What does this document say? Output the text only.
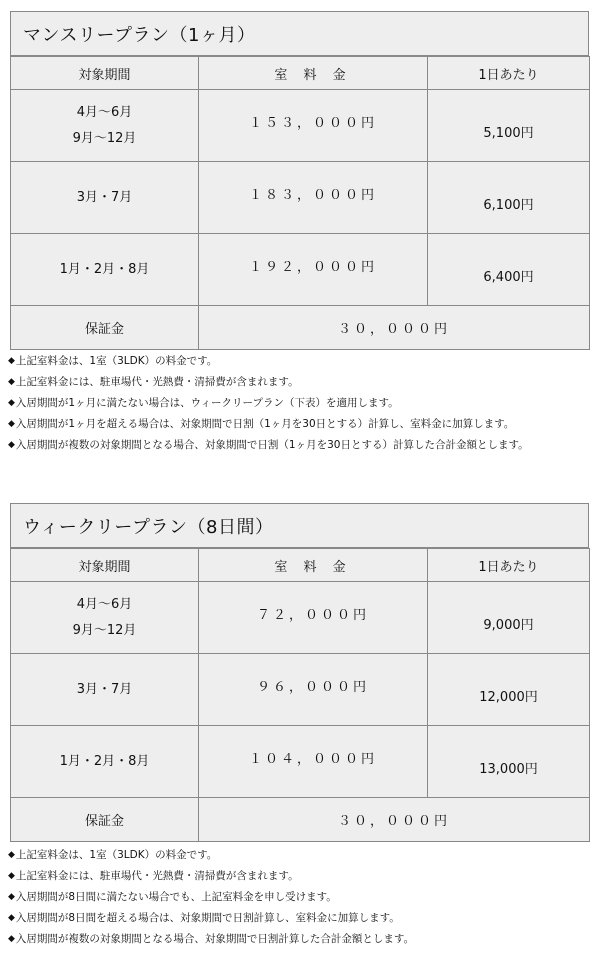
マンスリープラン（1ヶ月）
対象期間	室 料 金	1日あたり

4月～6月
9月～12月	１５３，０００円	5,100円

3月・7月	１８３，０００円	6,100円

1月・2月・8月	１９２，０００円	6,400円

保証金	３０，０００円	
◆ 上記室料金は、1室（3LDK）の料金です。
◆ 上記室料金には、駐車場代・光熱費・清掃費が含まれます。
◆ 入居期間が1ヶ月に満たない場合は、ウィークリープラン（下表）を適用します。
◆ 入居期間が1ヶ月を超える場合は、対象期間で日割（1ヶ月を30日とする）計算し、室料金に加算します。
◆ 入居期間が複数の対象期間となる場合、対象期間で日割（1ヶ月を30日とする）計算した合計金額とします。
ウィークリープラン（8日間）
対象期間	室 料 金	1日あたり

4月～6月
9月～12月	７２，０００円	9,000円

3月・7月	９６，０００円	12,000円

1月・2月・8月	１０４，０００円	13,000円

保証金	３０，０００円	
◆ 上記室料金は、1室（3LDK）の料金です。
◆ 上記室料金には、駐車場代・光熱費・清掃費が含まれます。
◆ 入居期間が8日間に満たない場合でも、上記室料金を申し受けます。
◆ 入居期間が8日間を超える場合は、対象期間で日割計算し、室料金に加算します。
◆ 入居期間が複数の対象期間となる場合、対象期間で日割計算した合計金額とします。
